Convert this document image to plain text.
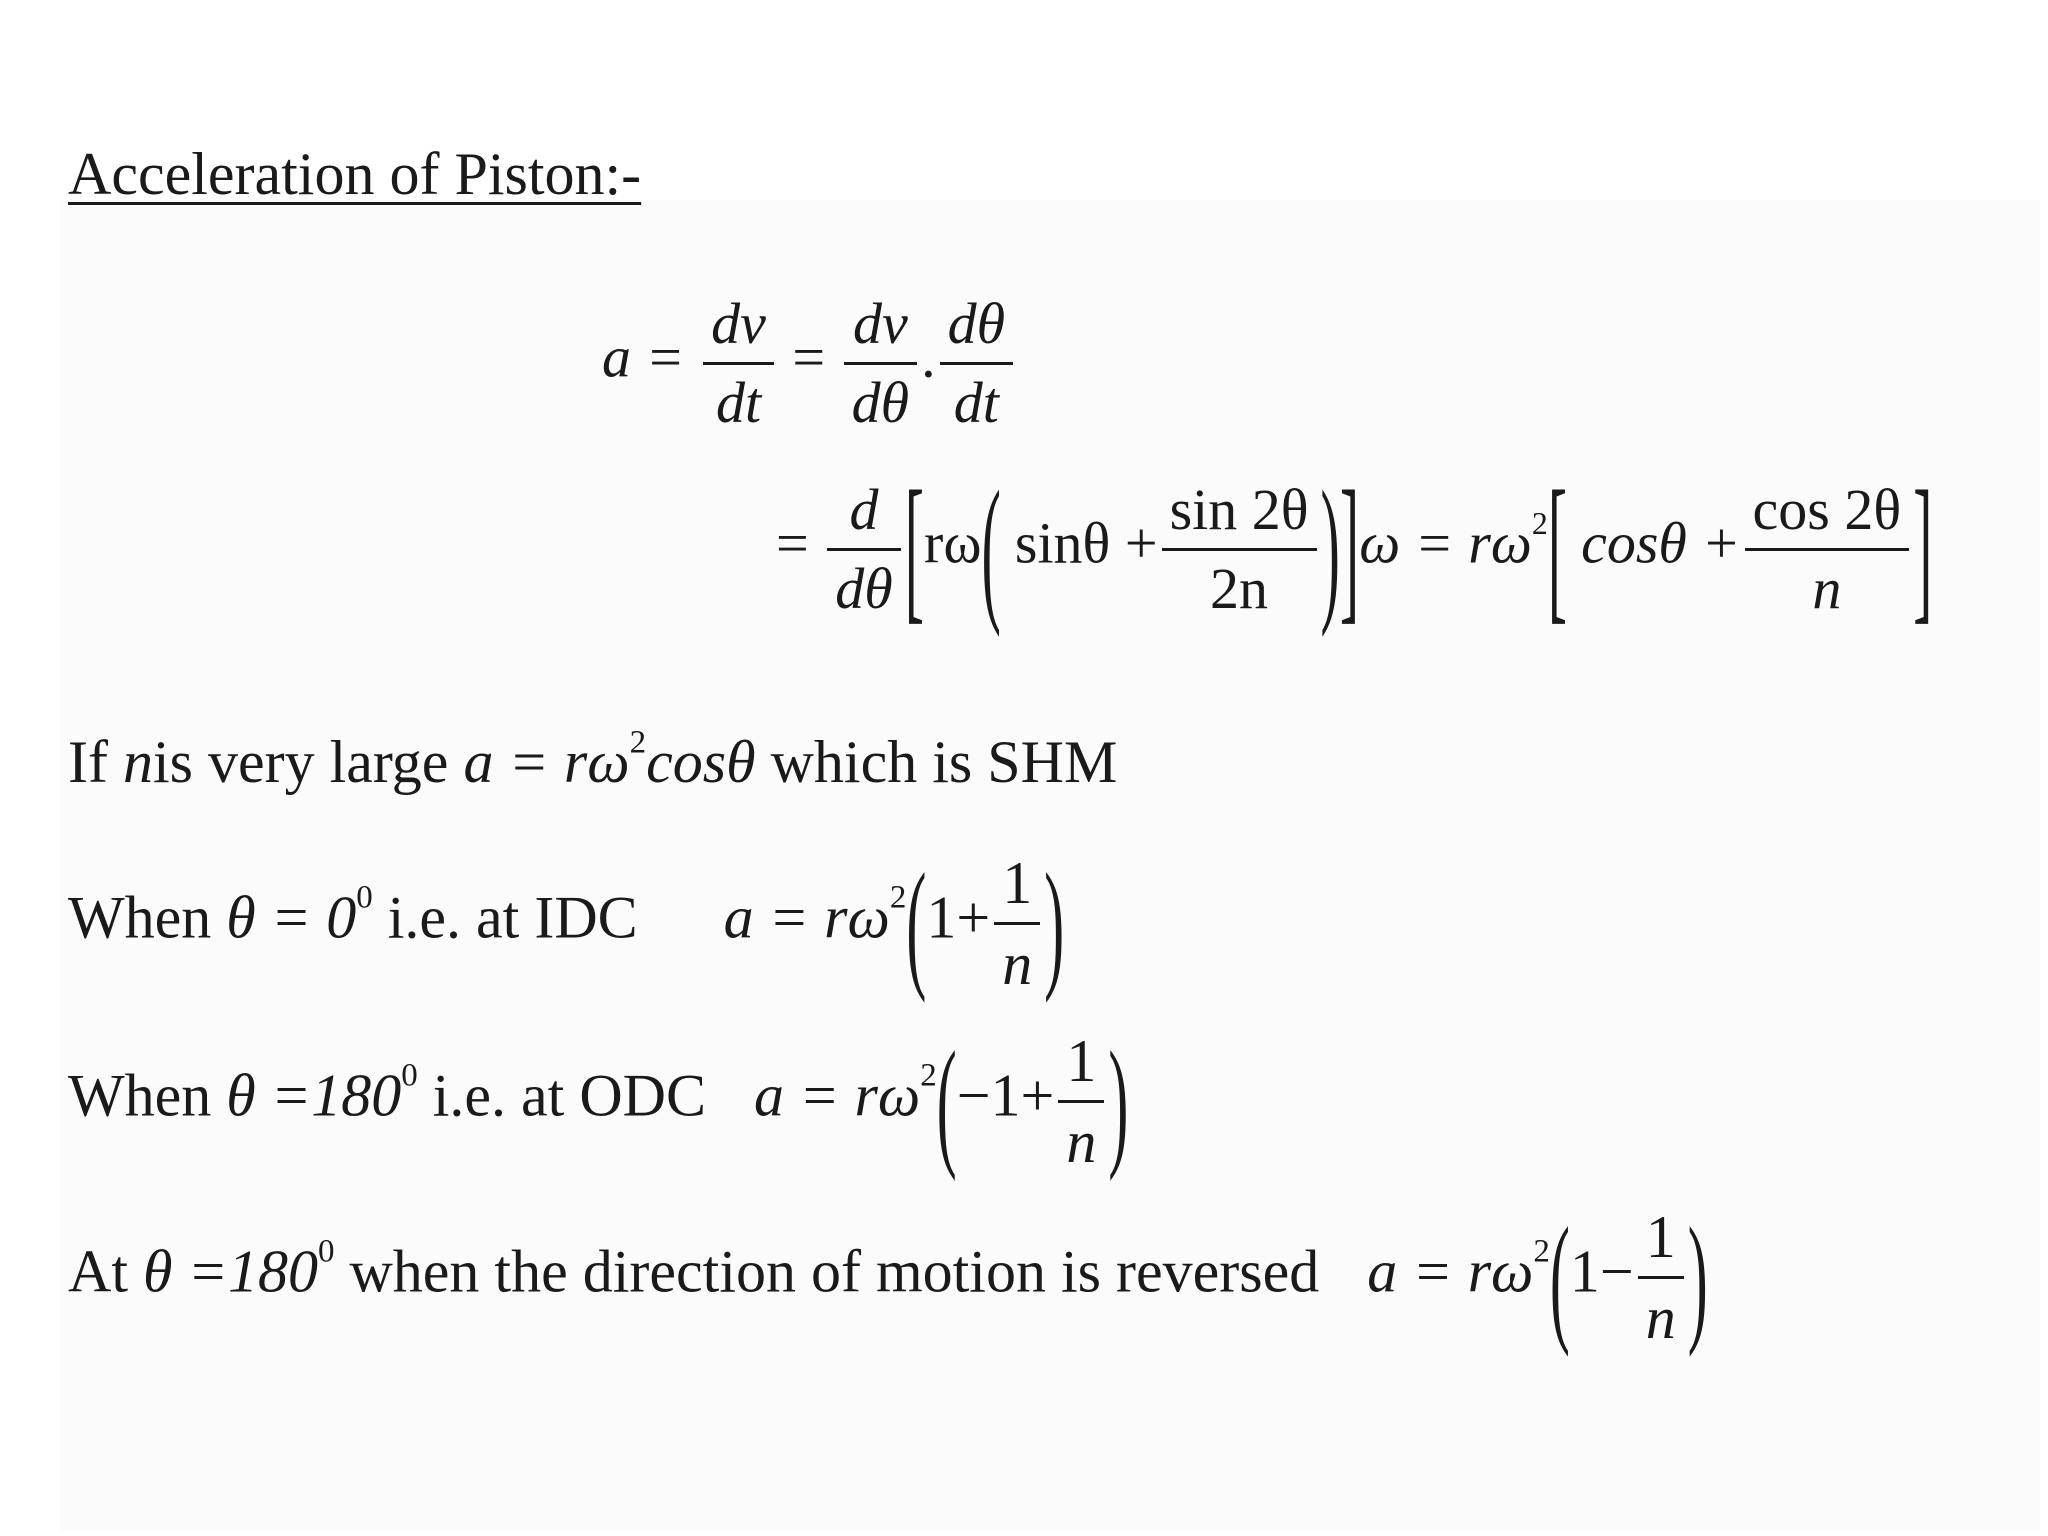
Acceleration of Piston:-
$a = \frac{dv}{dt} = \frac{dv}{d\theta}$ . $\frac{d\theta}{dt}$
= $\frac{d}{d\theta} [r\omega$( $\sin\theta + \frac{\sin 2\theta}{2n} )]\omega = r\omega^2$[ $\cos\theta + \frac{\cos 2\theta}{n}$ ]
If nis very large $a = r\omega^2\cos\theta$ which is SHM
When $\theta = 0^0$ i.e. at IDC $a = r\omega^2(1+ \frac{1}{n}$ )
When $\theta =180^0$ i.e. at ODC $a = r\omega^2(-1+ \frac{1}{n}$ )
At $\theta =180^0$ when the direction of motion is reversed $a = r\omega^2(1- \frac{1}{n}$ )
